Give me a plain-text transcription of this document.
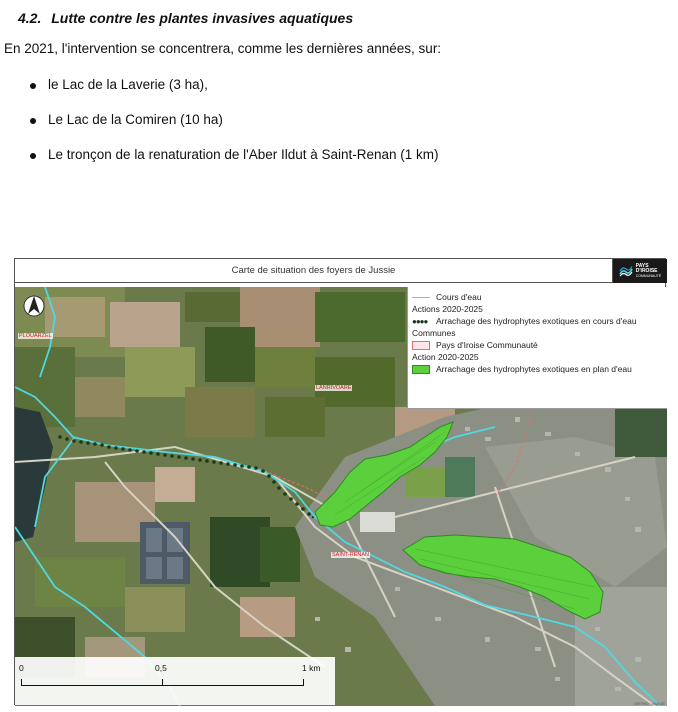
4.2. Lutte contre les plantes invasives aquatiques
En 2021, l'intervention se concentrera, comme les dernières années, sur:
le Lac de la Laverie (3 ha),
Le Lac de la Comiren (10 ha)
Le tronçon de la renaturation de l'Aber Ildut à Saint-Renan (1 km)
Carte de situation des foyers de Jussie	PAYS
D'IROISE
COMMUNAUTÉ
PLOUARZEL
LANRIVOARE
SAINT-RENAN
Cours d'eau
Actions 2020-2025
●●●●	Arrachage des hydrophytes exotiques en cours d'eau
Communes
Pays d'Iroise Communauté
Action 2020-2025
Arrachage des hydrophytes exotiques en plan d'eau
0	0,5	1 km
ORTHO · IMAGE
